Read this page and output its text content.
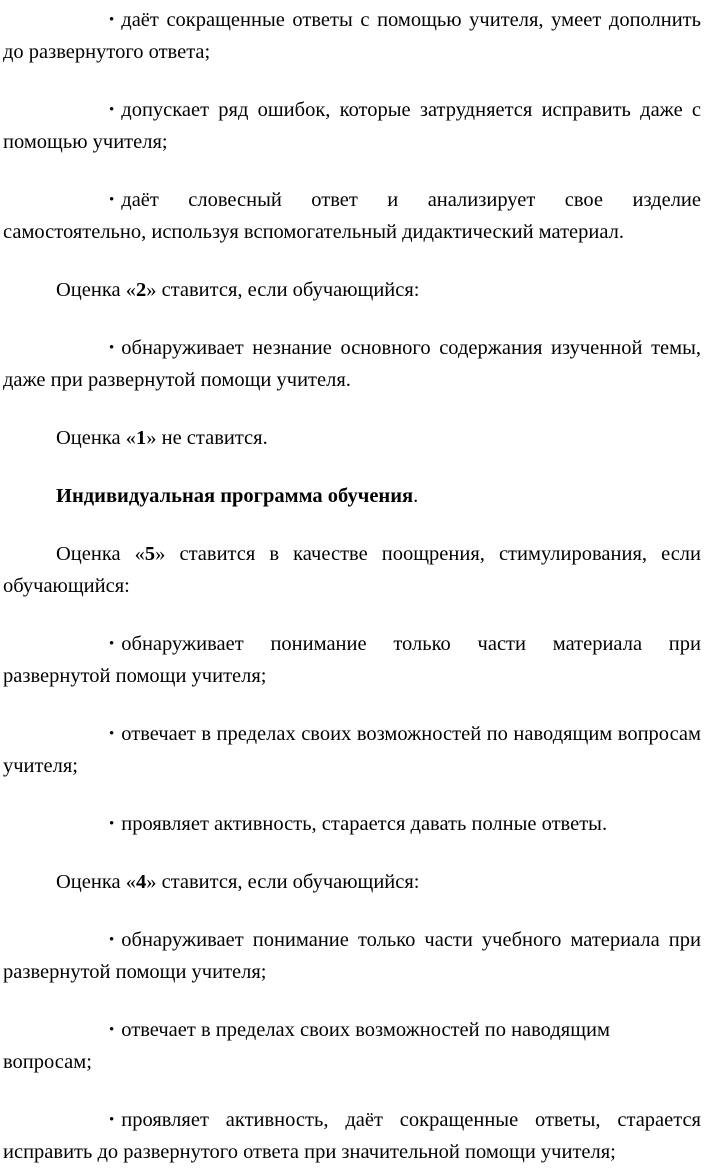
• даёт сокращенные ответы с помощью учителя, умеет дополнить до развернутого ответа;

• допускает ряд ошибок, которые затрудняется исправить даже с помощью учителя;

• даёт словесный ответ и анализирует свое изделие самостоятельно, используя вспомогательный дидактический материал.

Оценка «2» ставится, если обучающийся:

• обнаруживает незнание основного содержания изученной темы, даже при развернутой помощи учителя.

Оценка «1» не ставится.

Индивидуальная программа обучения.

Оценка «5» ставится в качестве поощрения, стимулирования, если обучающийся:

• обнаруживает понимание только части материала при развернутой помощи учителя;

• отвечает в пределах своих возможностей по наводящим вопросам учителя;

• проявляет активность, старается давать полные ответы.

Оценка «4» ставится, если обучающийся:

• обнаруживает понимание только части учебного материала при развернутой помощи учителя;

• отвечает в пределах своих возможностей по наводящим вопросам;

• проявляет активность, даёт сокращенные ответы, старается исправить до развернутого ответа при значительной помощи учителя;
